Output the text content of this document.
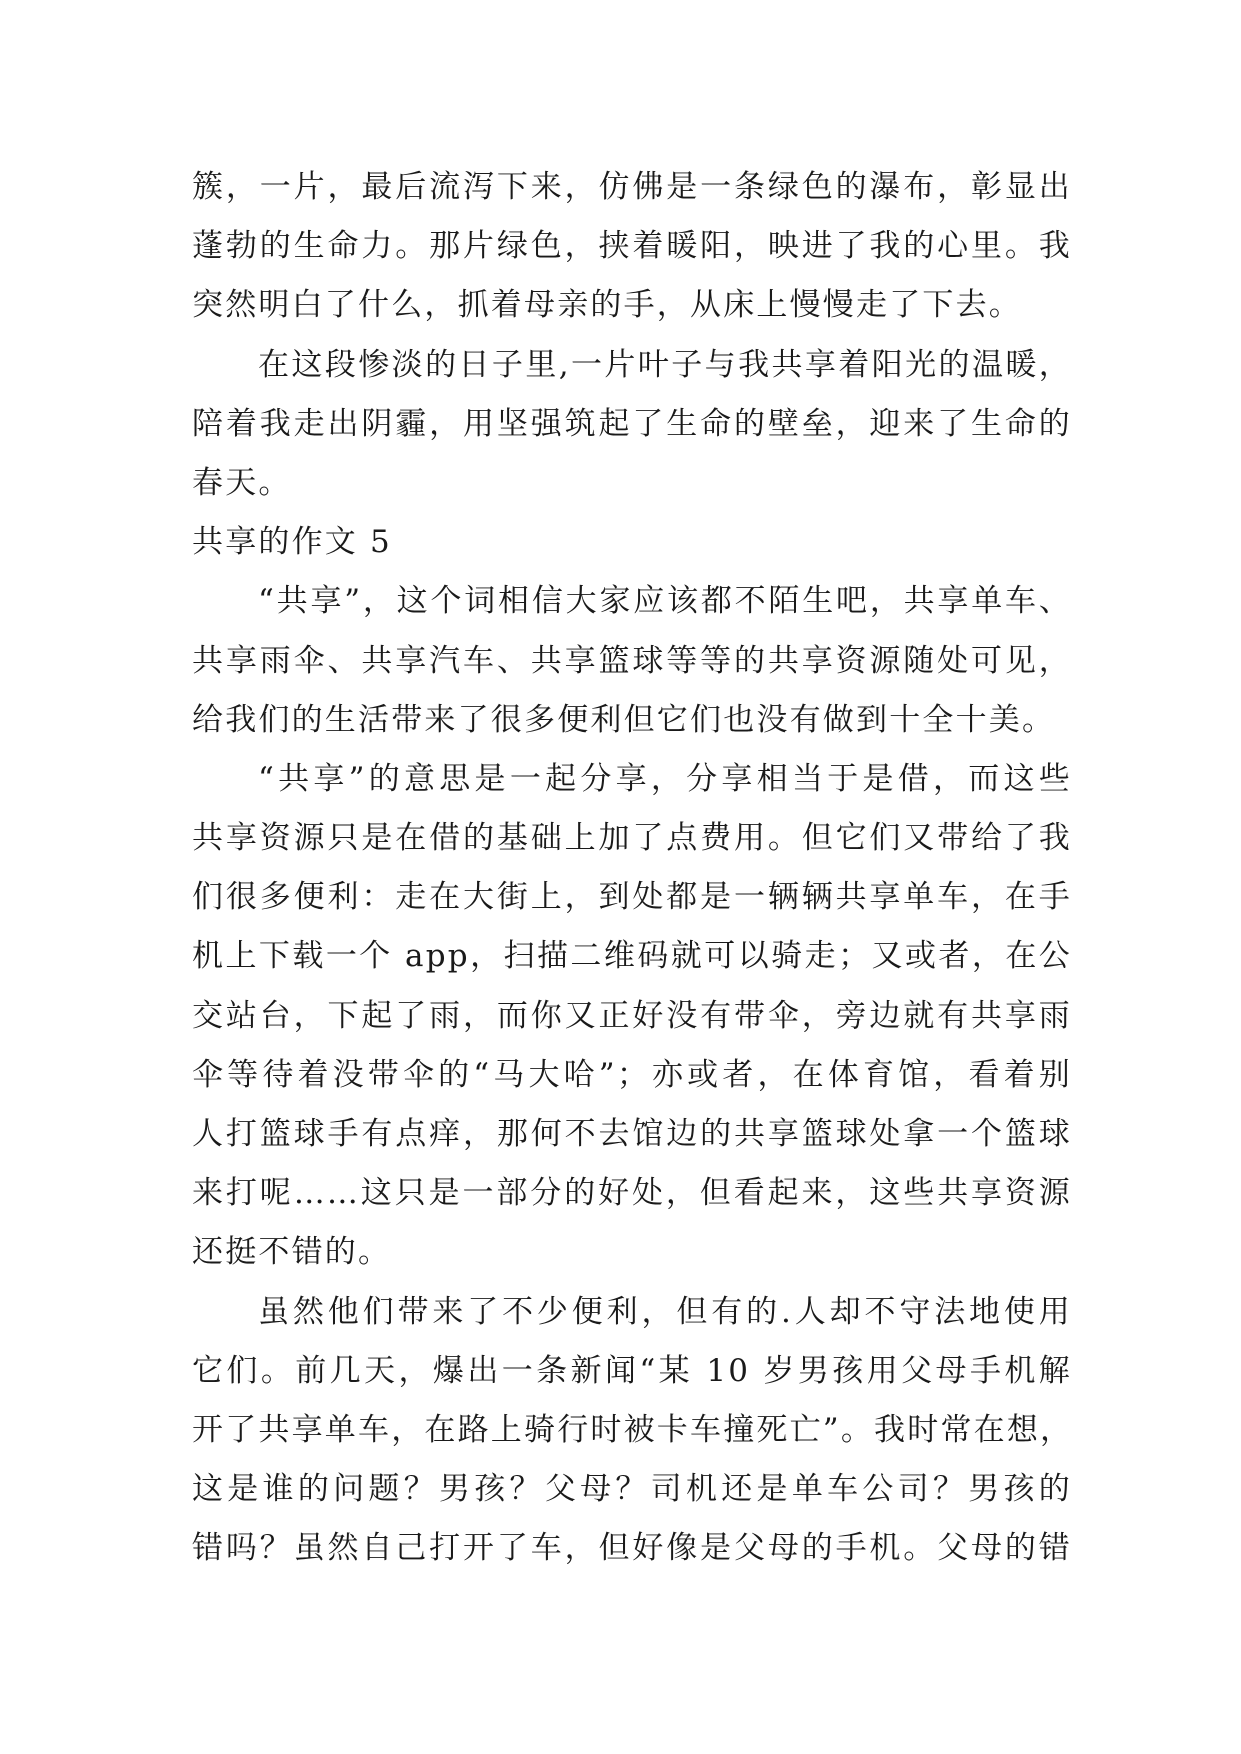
簇，一片，最后流泻下来，仿佛是一条绿色的瀑布，彰显出
蓬勃的生命力。那片绿色，挟着暖阳，映进了我的心里。我
突然明白了什么，抓着母亲的手，从床上慢慢走了下去。
在这段惨淡的日子里,一片叶子与我共享着阳光的温暖，
陪着我走出阴霾，用坚强筑起了生命的壁垒，迎来了生命的
春天。
共享的作文 5
“共享”，这个词相信大家应该都不陌生吧，共享单车、
共享雨伞、共享汽车、共享篮球等等的共享资源随处可见，
给我们的生活带来了很多便利但它们也没有做到十全十美。
“共享”的意思是一起分享，分享相当于是借，而这些
共享资源只是在借的基础上加了点费用。但它们又带给了我
们很多便利：走在大街上，到处都是一辆辆共享单车，在手
机上下载一个 app，扫描二维码就可以骑走；又或者，在公
交站台，下起了雨，而你又正好没有带伞，旁边就有共享雨
伞等待着没带伞的“马大哈”；亦或者，在体育馆，看着别
人打篮球手有点痒，那何不去馆边的共享篮球处拿一个篮球
来打呢……这只是一部分的好处，但看起来，这些共享资源
还挺不错的。
虽然他们带来了不少便利，但有的.人却不守法地使用
它们。前几天，爆出一条新闻“某 10 岁男孩用父母手机解
开了共享单车，在路上骑行时被卡车撞死亡”。我时常在想，
这是谁的问题？男孩？父母？司机还是单车公司？男孩的
错吗？虽然自己打开了车，但好像是父母的手机。父母的错
